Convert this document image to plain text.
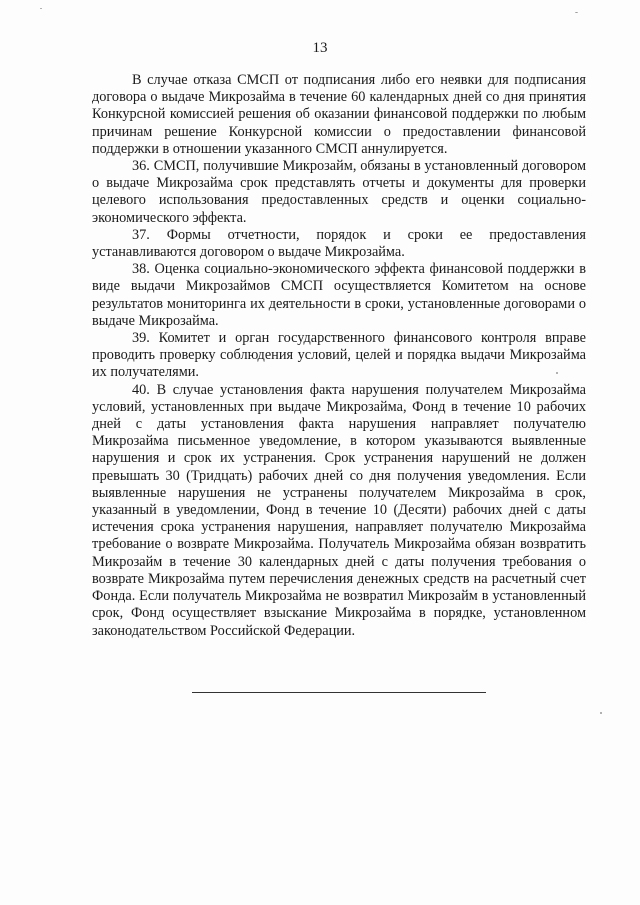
13

В случае отказа СМСП от подписания либо его неявки для подписания договора о выдаче Микрозайма в течение 60 календарных дней со дня принятия Конкурсной комиссией решения об оказании финансовой поддержки по любым причинам решение Конкурсной комиссии о предоставлении финансовой поддержки в отношении указанного СМСП аннулируется.

36. СМСП, получившие Микрозайм, обязаны в установленный договором о выдаче Микрозайма срок представлять отчеты и документы для проверки целевого использования предоставленных средств и оценки социально-экономического эффекта.

37. Формы отчетности, порядок и сроки ее предоставления устанавливаются договором о выдаче Микрозайма.

38. Оценка социально-экономического эффекта финансовой поддержки в виде выдачи Микрозаймов СМСП осуществляется Комитетом на основе результатов мониторинга их деятельности в сроки, установленные договорами о выдаче Микрозайма.

39. Комитет и орган государственного финансового контроля вправе проводить проверку соблюдения условий, целей и порядка выдачи Микрозайма их получателями.

40. В случае установления факта нарушения получателем Микрозайма условий, установленных при выдаче Микрозайма, Фонд в течение 10 рабочих дней с даты установления факта нарушения направляет получателю Микрозайма письменное уведомление, в котором указываются выявленные нарушения и срок их устранения. Срок устранения нарушений не должен превышать 30 (Тридцать) рабочих дней со дня получения уведомления. Если выявленные нарушения не устранены получателем Микрозайма в срок, указанный в уведомлении, Фонд в течение 10 (Десяти) рабочих дней с даты истечения срока устранения нарушения, направляет получателю Микрозайма требование о возврате Микрозайма. Получатель Микрозайма обязан возвратить Микрозайм в течение 30 календарных дней с даты получения требования о возврате Микрозайма путем перечисления денежных средств на расчетный счет Фонда. Если получатель Микрозайма не возвратил Микрозайм в установленный срок, Фонд осуществляет взыскание Микрозайма в порядке, установленном законодательством Российской Федерации.
